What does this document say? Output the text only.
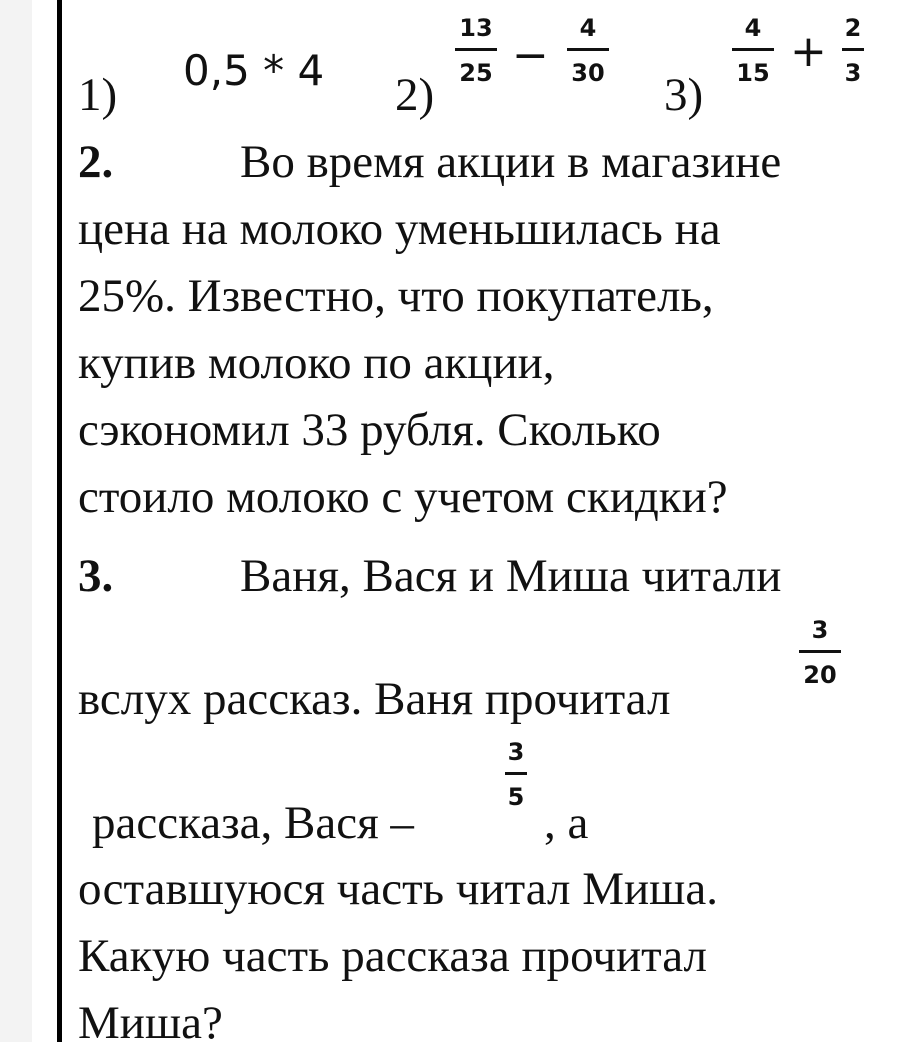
1) 0,5 * 4 2)
13
25 −
4
30 3)
4
15 + 2
3
2.	Во время акции в магазине
цена на молоко уменьшилась на
25%. Известно, что покупатель,
купив молоко по акции,
сэкономил 33 рубля. Сколько
стоило молоко с учетом скидки?
3.	Ваня, Вася и Миша читали
вслух рассказ. Ваня прочитал
3
20
рассказа, Вася –
3
5 , а
оставшуюся часть читал Миша.
Какую часть рассказа прочитал
Миша?
